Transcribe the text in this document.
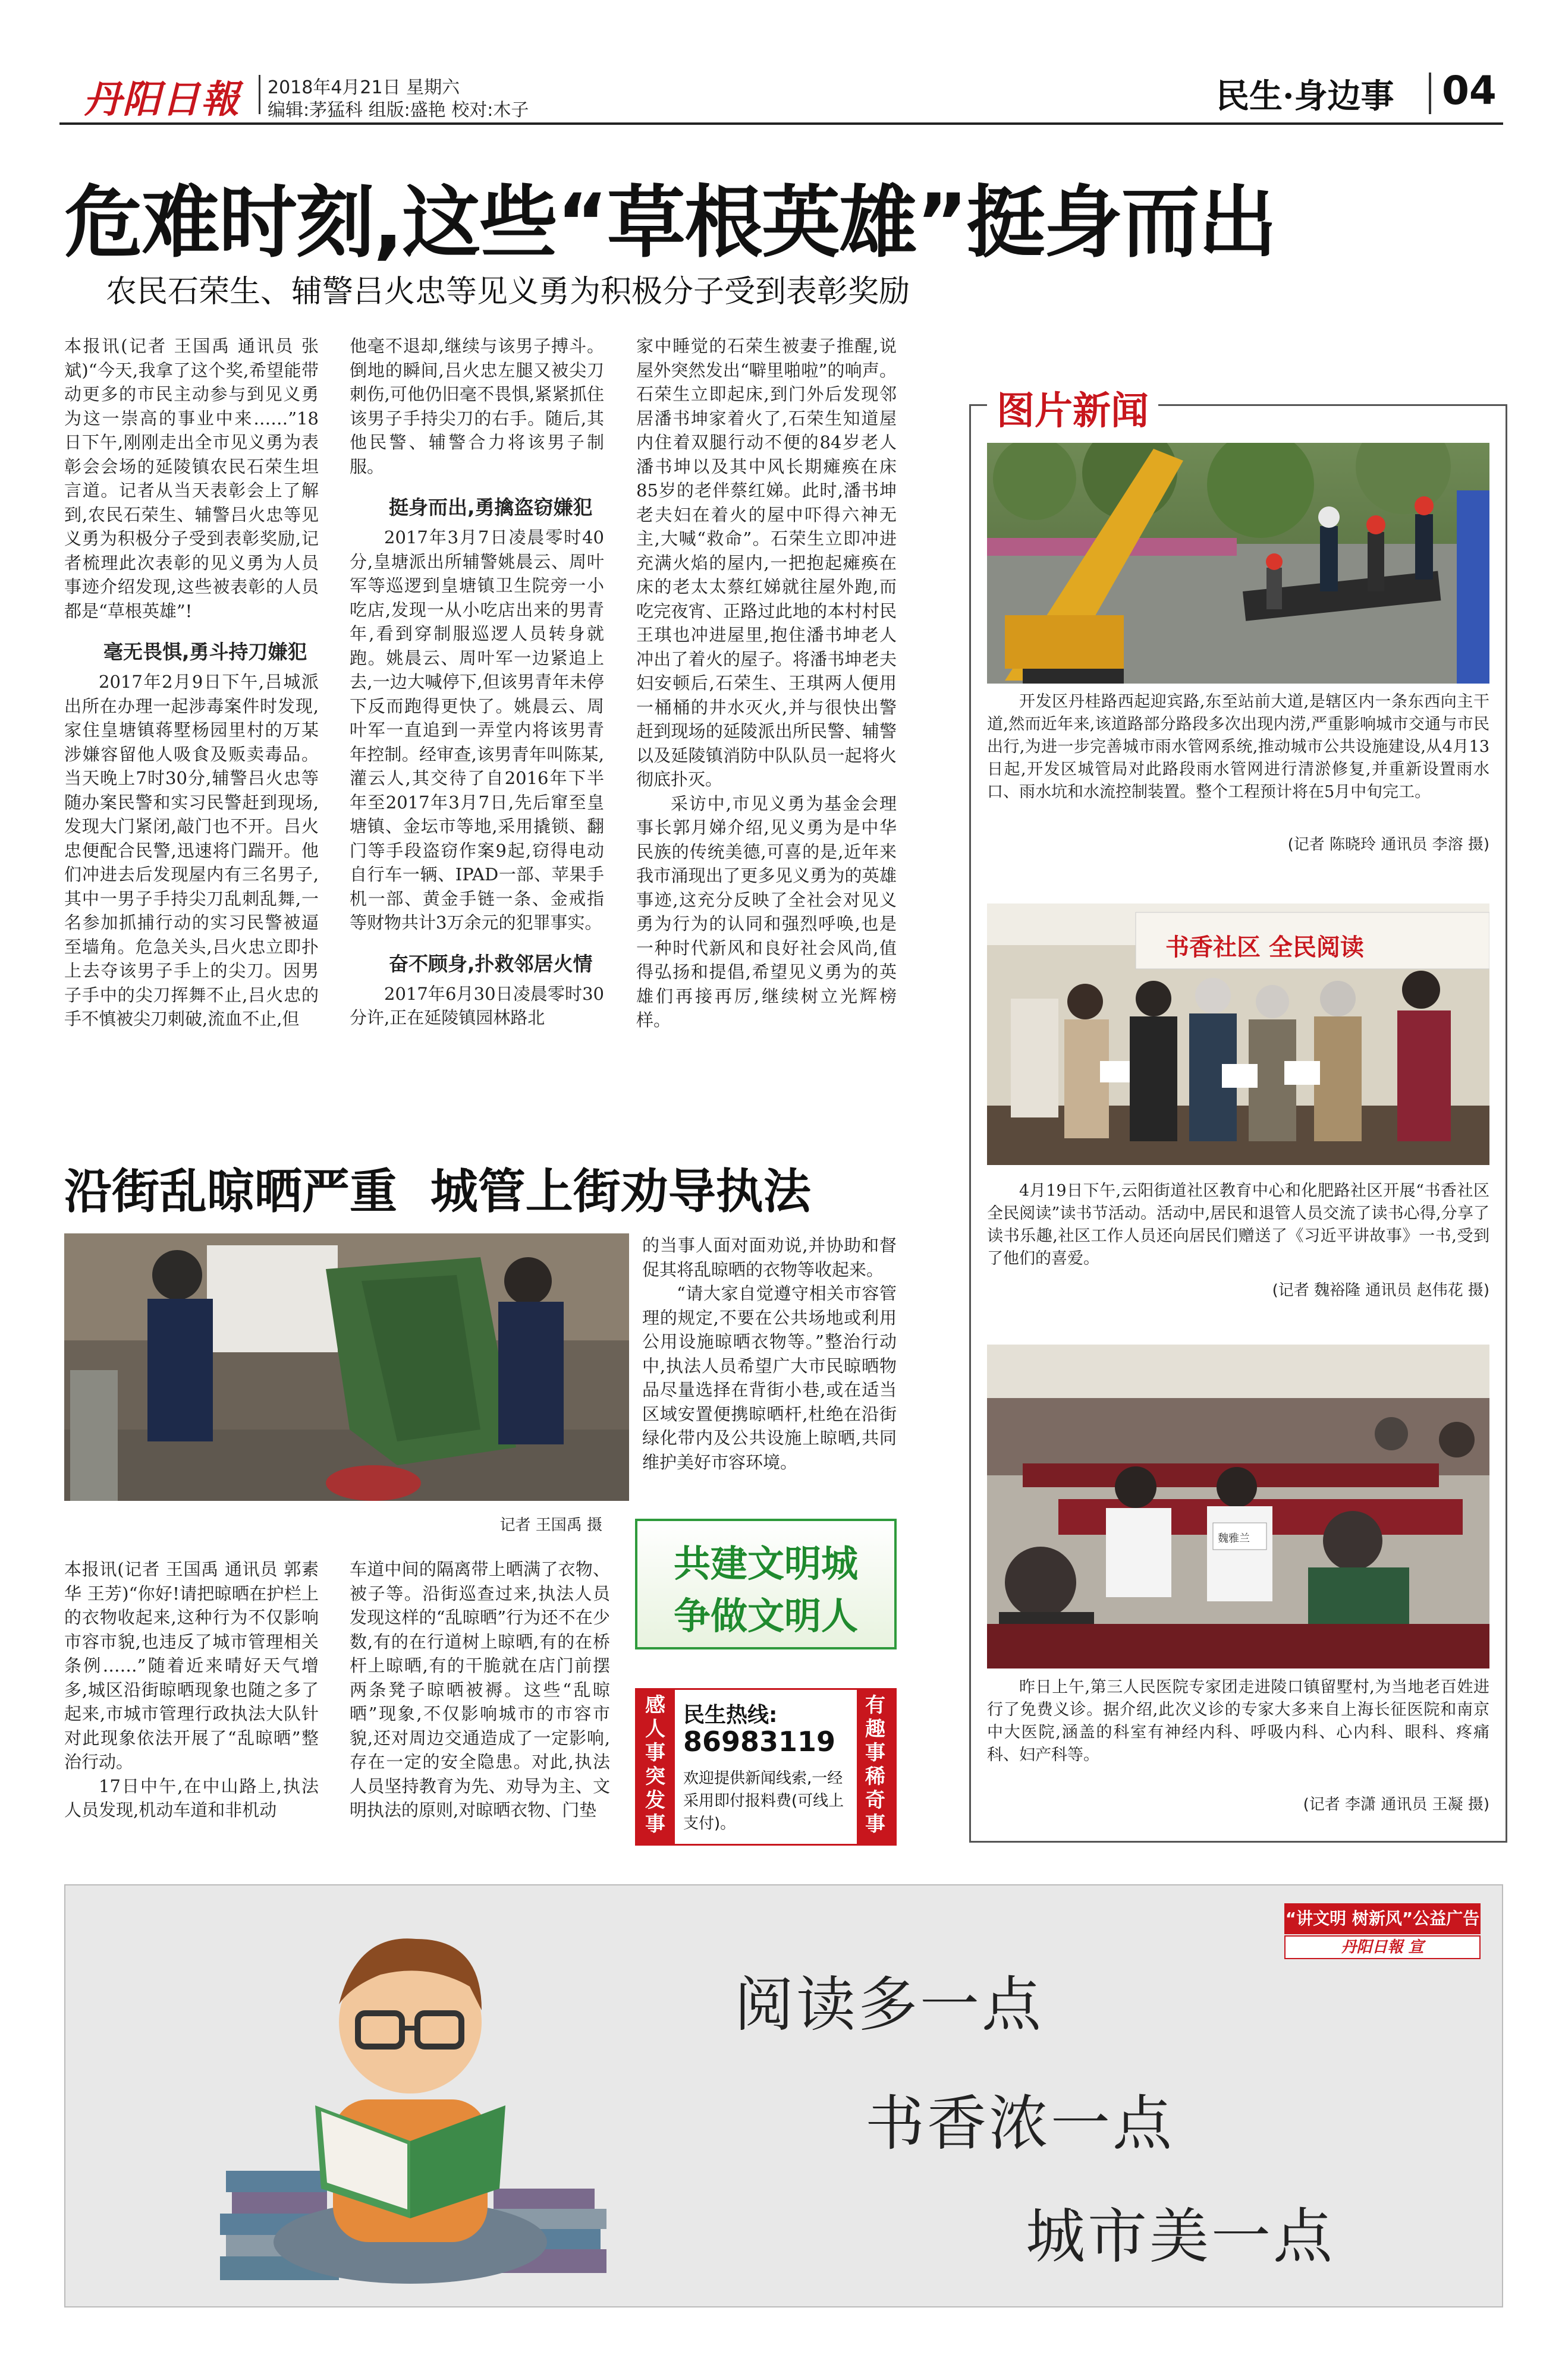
丹阳日報 2018年4月21日 星期六
编辑:茅猛科 组版:盛艳 校对:木子	民生·身边事 04
危难时刻,这些“草根英雄”挺身而出
农民石荣生、辅警吕火忠等见义勇为积极分子受到表彰奖励

本报讯(记者 王国禹 通讯员 张斌)“今天,我拿了这个奖,希望能带动更多的市民主动参与到见义勇为这一崇高的事业中来……”18日下午,刚刚走出全市见义勇为表彰会会场的延陵镇农民石荣生坦言道。记者从当天表彰会上了解到,农民石荣生、辅警吕火忠等见义勇为积极分子受到表彰奖励,记者梳理此次表彰的见义勇为人员事迹介绍发现,这些被表彰的人员都是“草根英雄”!

毫无畏惧,勇斗持刀嫌犯

2017年2月9日下午,吕城派出所在办理一起涉毒案件时发现,家住皇塘镇蒋墅杨园里村的万某涉嫌容留他人吸食及贩卖毒品。当天晚上7时30分,辅警吕火忠等随办案民警和实习民警赶到现场,发现大门紧闭,敲门也不开。吕火忠便配合民警,迅速将门踹开。他们冲进去后发现屋内有三名男子,其中一男子手持尖刀乱刺乱舞,一名参加抓捕行动的实习民警被逼至墙角。危急关头,吕火忠立即扑上去夺该男子手上的尖刀。因男子手中的尖刀挥舞不止,吕火忠的手不慎被尖刀刺破,流血不止,但

他毫不退却,继续与该男子搏斗。倒地的瞬间,吕火忠左腿又被尖刀刺伤,可他仍旧毫不畏惧,紧紧抓住该男子手持尖刀的右手。随后,其他民警、辅警合力将该男子制服。

挺身而出,勇擒盗窃嫌犯

2017年3月7日凌晨零时40分,皇塘派出所辅警姚晨云、周叶军等巡逻到皇塘镇卫生院旁一小吃店,发现一从小吃店出来的男青年,看到穿制服巡逻人员转身就跑。姚晨云、周叶军一边紧追上去,一边大喊停下,但该男青年未停下反而跑得更快了。姚晨云、周叶军一直追到一弄堂内将该男青年控制。经审查,该男青年叫陈某,灌云人,其交待了自2016年下半年至2017年3月7日,先后窜至皇塘镇、金坛市等地,采用撬锁、翻门等手段盗窃作案9起,窃得电动自行车一辆、IPAD一部、苹果手机一部、黄金手链一条、金戒指等财物共计3万余元的犯罪事实。

奋不顾身,扑救邻居火情

2017年6月30日凌晨零时30分许,正在延陵镇园林路北

家中睡觉的石荣生被妻子推醒,说屋外突然发出“噼里啪啦”的响声。石荣生立即起床,到门外后发现邻居潘书坤家着火了,石荣生知道屋内住着双腿行动不便的84岁老人潘书坤以及其中风长期瘫痪在床85岁的老伴蔡红娣。此时,潘书坤老夫妇在着火的屋中吓得六神无主,大喊“救命”。石荣生立即冲进充满火焰的屋内,一把抱起瘫痪在床的老太太蔡红娣就往屋外跑,而吃完夜宵、正路过此地的本村村民王琪也冲进屋里,抱住潘书坤老人冲出了着火的屋子。将潘书坤老夫妇安顿后,石荣生、王琪两人便用一桶桶的井水灭火,并与很快出警赶到现场的延陵派出所民警、辅警以及延陵镇消防中队队员一起将火彻底扑灭。

采访中,市见义勇为基金会理事长郭月娣介绍,见义勇为是中华民族的传统美德,可喜的是,近年来我市涌现出了更多见义勇为的英雄事迹,这充分反映了全社会对见义勇为行为的认同和强烈呼唤,也是一种时代新风和良好社会风尚,值得弘扬和提倡,希望见义勇为的英雄们再接再厉,继续树立光辉榜样。

图片新闻

开发区丹桂路西起迎宾路,东至站前大道,是辖区内一条东西向主干道,然而近年来,该道路部分路段多次出现内涝,严重影响城市交通与市民出行,为进一步完善城市雨水管网系统,推动城市公共设施建设,从4月13日起,开发区城管局对此路段雨水管网进行清淤修复,并重新设置雨水口、雨水坑和水流控制装置。整个工程预计将在5月中旬完工。

(记者 陈晓玲 通讯员 李溶 摄)
书香社区 全民阅读

4月19日下午,云阳街道社区教育中心和化肥路社区开展“书香社区 全民阅读”读书节活动。活动中,居民和退管人员交流了读书心得,分享了读书乐趣,社区工作人员还向居民们赠送了《习近平讲故事》一书,受到了他们的喜爱。

(记者 魏裕隆 通讯员 赵伟花 摄)
魏雅兰

昨日上午,第三人民医院专家团走进陵口镇留墅村,为当地老百姓进行了免费义诊。据介绍,此次义诊的专家大多来自上海长征医院和南京中大医院,涵盖的科室有神经内科、呼吸内科、心内科、眼科、疼痛科、妇产科等。

(记者 李潇 通讯员 王凝 摄)
沿街乱晾晒严重  城管上街劝导执法
记者 王国禹 摄

的当事人面对面劝说,并协助和督促其将乱晾晒的衣物等收起来。

“请大家自觉遵守相关市容管理的规定,不要在公共场地或利用公用设施晾晒衣物等。”整治行动中,执法人员希望广大市民晾晒物品尽量选择在背街小巷,或在适当区域安置便携晾晒杆,杜绝在沿街绿化带内及公共设施上晾晒,共同维护美好市容环境。

本报讯(记者 王国禹 通讯员 郭素华 王芳)“你好!请把晾晒在护栏上的衣物收起来,这种行为不仅影响市容市貌,也违反了城市管理相关条例……”随着近来晴好天气增多,城区沿街晾晒现象也随之多了起来,市城市管理行政执法大队针对此现象依法开展了“乱晾晒”整治行动。

17日中午,在中山路上,执法人员发现,机动车道和非机动

车道中间的隔离带上晒满了衣物、被子等。沿街巡查过来,执法人员发现这样的“乱晾晒”行为还不在少数,有的在行道树上晾晒,有的在桥杆上晾晒,有的干脆就在店门前摆两条凳子晾晒被褥。这些“乱晾晒”现象,不仅影响城市的市容市貌,还对周边交通造成了一定影响,存在一定的安全隐患。对此,执法人员坚持教育为先、劝导为主、文明执法的原则,对晾晒衣物、门垫

共建文明城
争做文明人
感人事 突发事
有趣事 稀奇事
民生热线:
86983119
欢迎提供新闻线索,一经采用即付报料费(可线上支付)。
“讲文明 树新风”公益广告
丹阳日報 宣
阅读多一点
书香浓一点
城市美一点
